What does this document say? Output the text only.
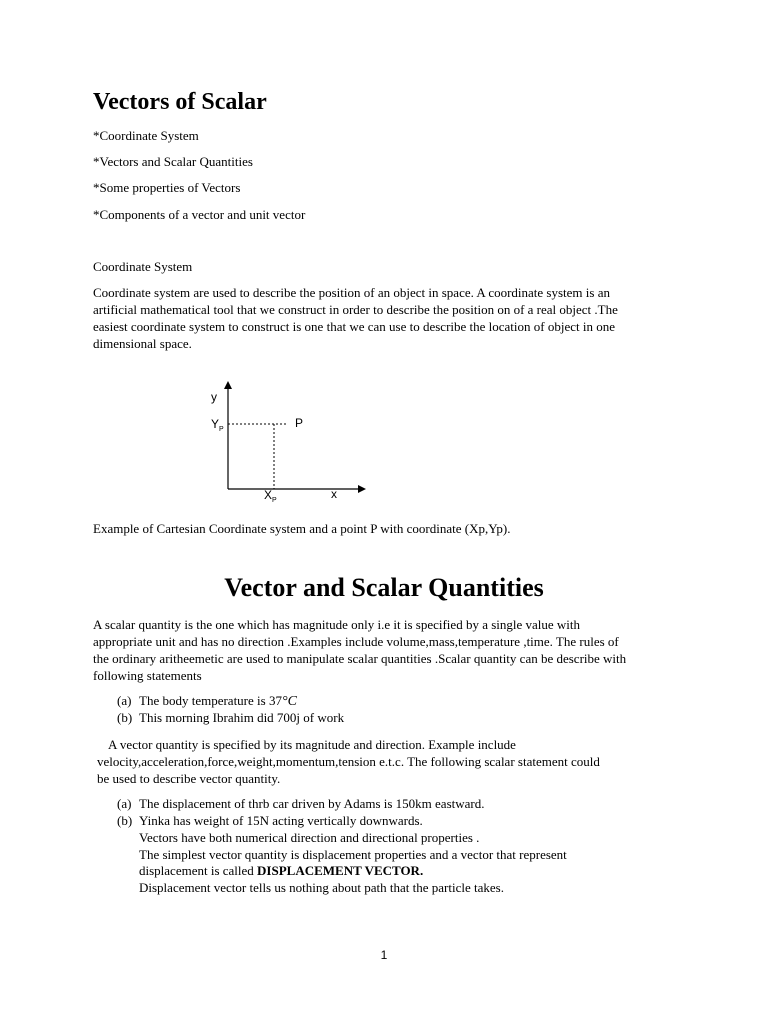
Vectors of Scalar
*Coordinate System
*Vectors and Scalar Quantities
*Some properties of Vectors
*Components of a vector and unit vector
Coordinate System
Coordinate system are used to describe the position of an object in space. A coordinate system is an
artificial mathematical tool that we construct in order to describe the position on of a real object .The
easiest coordinate system to construct is one that we can use to describe the location of object in one
dimensional space.
y
$Y_P$	P
$X_P$	x
Example of Cartesian Coordinate system and a point P with coordinate (Xp,Yp).
Vector and Scalar Quantities
A scalar quantity is the one which has magnitude only i.e it is specified by a single value with
appropriate unit and has no direction .Examples include volume,mass,temperature ,time. The rules of
the ordinary aritheemetic are used to manipulate scalar quantities .Scalar quantity can be describe with
following statements
(a) The body temperature is 37°C
(b) This morning Ibrahim did 700j of work
A vector quantity is specified by its magnitude and direction. Example include
velocity,acceleration,force,weight,momentum,tension e.t.c. The following scalar statement could
be used to describe vector quantity.
(a) The displacement of thrb car driven by Adams is 150km eastward.
(b) Yinka has weight of 15N acting vertically downwards.
Vectors have both numerical direction and directional properties .
The simplest vector quantity is displacement properties and a vector that represent
displacement is called DISPLACEMENT VECTOR.
Displacement vector tells us nothing about path that the particle takes.
1
